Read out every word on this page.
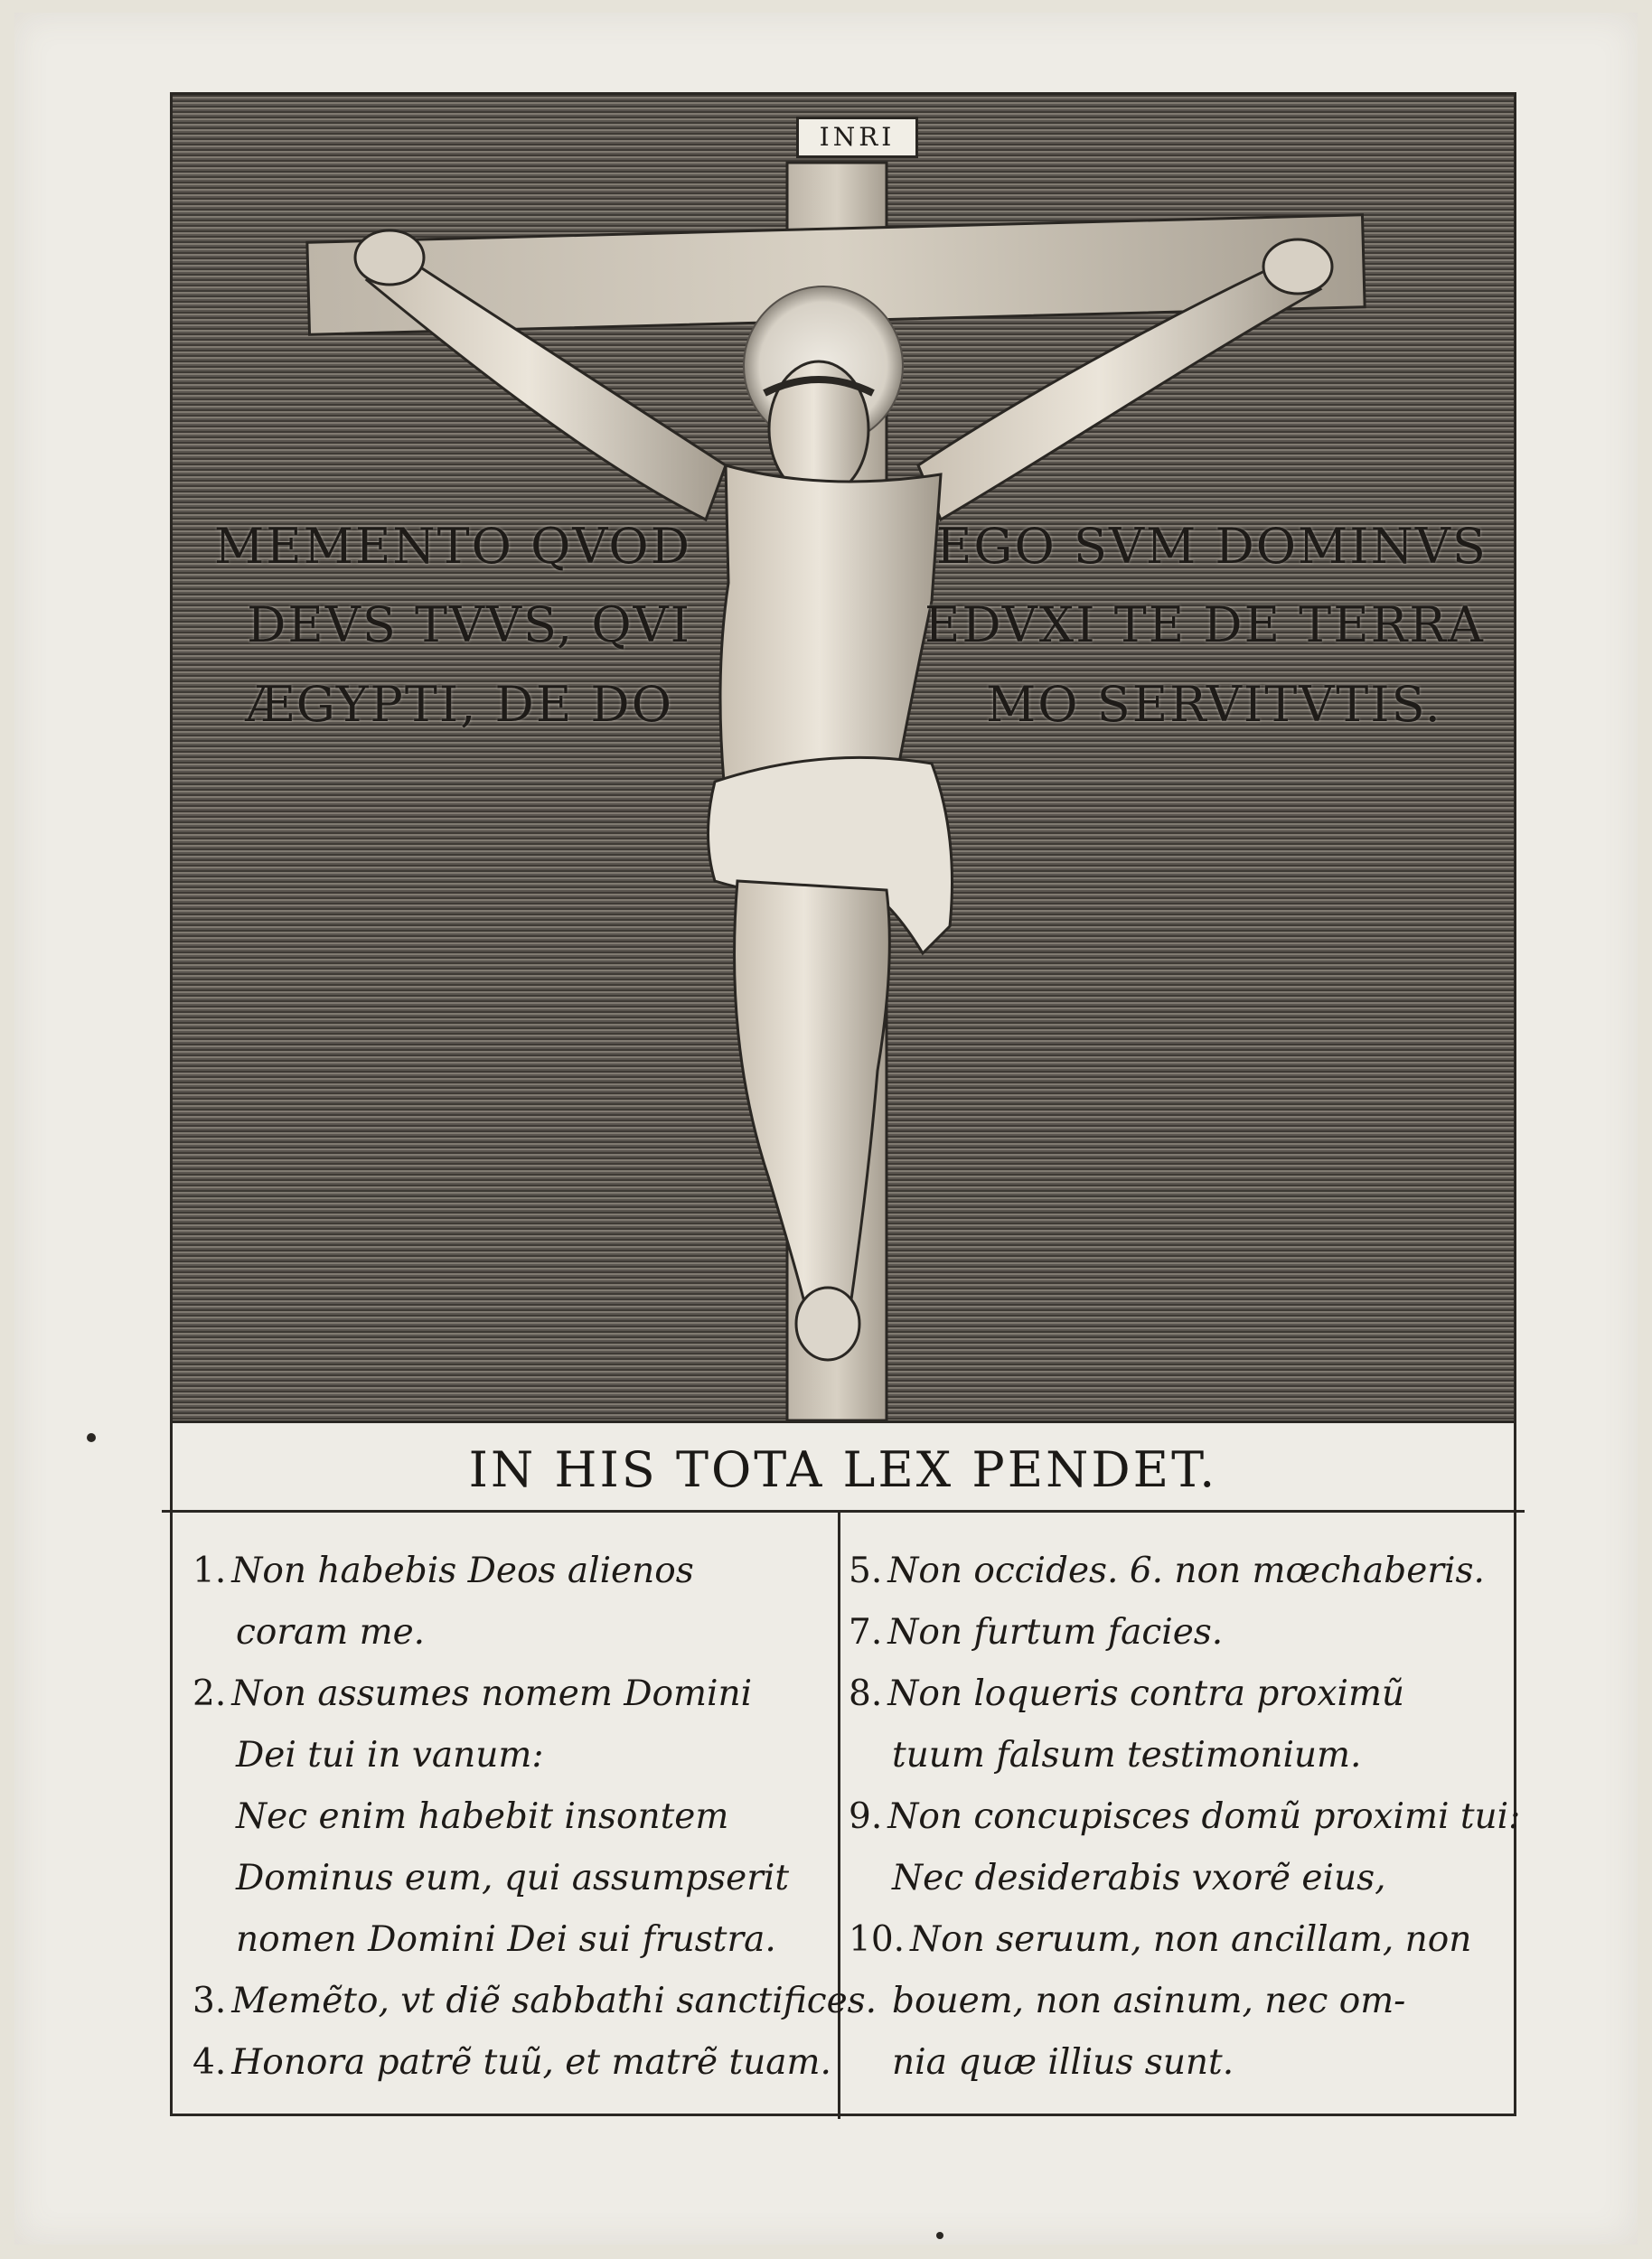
INRI
MEMENTO QVOD	EGO SVM DOMINVS
DEVS TVVS, QVI	EDVXI TE DE TERRA
ÆGYPTI, DE DO	MO SERVITVTIS.
IN HIS TOTA LEX PENDET.
1. Non habebis Deos alienos
coram me.
2. Non assumes nomem Domini
Dei tui in vanum:
Nec enim habebit insontem
Dominus eum, qui assumpserit
nomen Domini Dei sui frustra.
3. Memẽto, vt diẽ sabbathi sanctifices.
4. Honora patrẽ tuũ, et matrẽ tuam.
5. Non occides. 6. non mœchaberis.
7. Non furtum facies.
8. Non loqueris contra proximũ
tuum falsum testimonium.
9. Non concupisces domũ proximi tui:
Nec desiderabis vxorẽ eius,
10. Non seruum, non ancillam, non
bouem, non asinum, nec om-
nia quæ illius sunt.
